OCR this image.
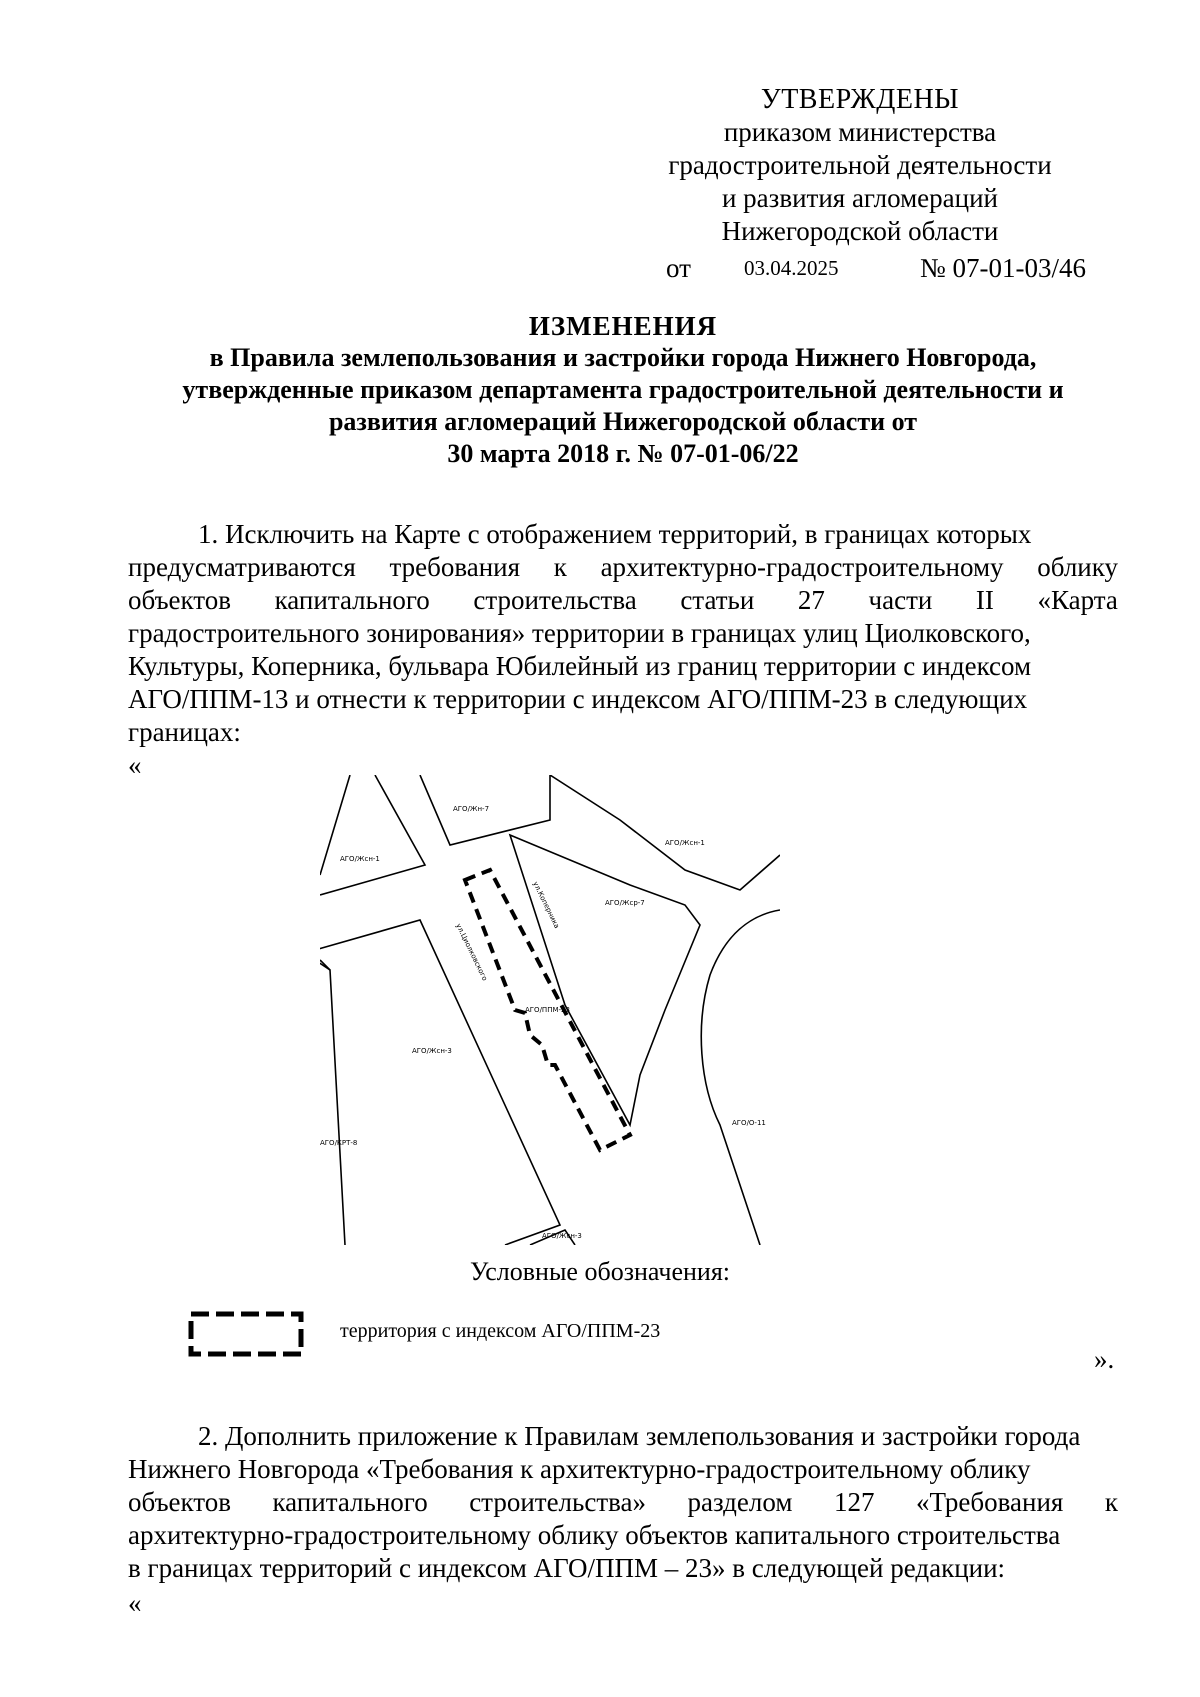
УТВЕРЖДЕНЫ
приказом министерства
градостроительной деятельности
и развития агломераций
Нижегородской области
от	03.04.2025	№ 07-01-03/46
ИЗМЕНЕНИЯ
в Правила землепользования и застройки города Нижнего Новгорода,
утвержденные приказом департамента градостроительной деятельности и
развития агломераций Нижегородской области от
30 марта 2018 г. № 07-01-06/22
1. Исключить на Карте с отображением территорий, в границах которых
предусматриваются требования к архитектурно-градостроительному облику
объектов капитального строительства статьи 27 части II «Карта
градостроительного зонирования» территории в границах улиц Циолковского,
Культуры, Коперника, бульвара Юбилейный из границ территории с индексом
АГО/ППМ-13 и отнести к территории с индексом АГО/ППМ-23 в следующих
границах:
«
АГО/Жн-7
АГО/Жсн-1
АГО/Жсн-1
АГО/Жср-7
ул.Коперника
ул.Циолковского
АГО/ППМ-23
АГО/Жсн-3
АГО/КРТ-8
АГО/О-11
АГО/Жсн-3
Условные обозначения:
территория с индексом АГО/ППМ-23
».
2. Дополнить приложение к Правилам землепользования и застройки города
Нижнего Новгорода «Требования к архитектурно-градостроительному облику
объектов капитального строительства» разделом 127 «Требования к
архитектурно-градостроительному облику объектов капитального строительства
в границах территорий с индексом АГО/ППМ – 23» в следующей редакции:
«
